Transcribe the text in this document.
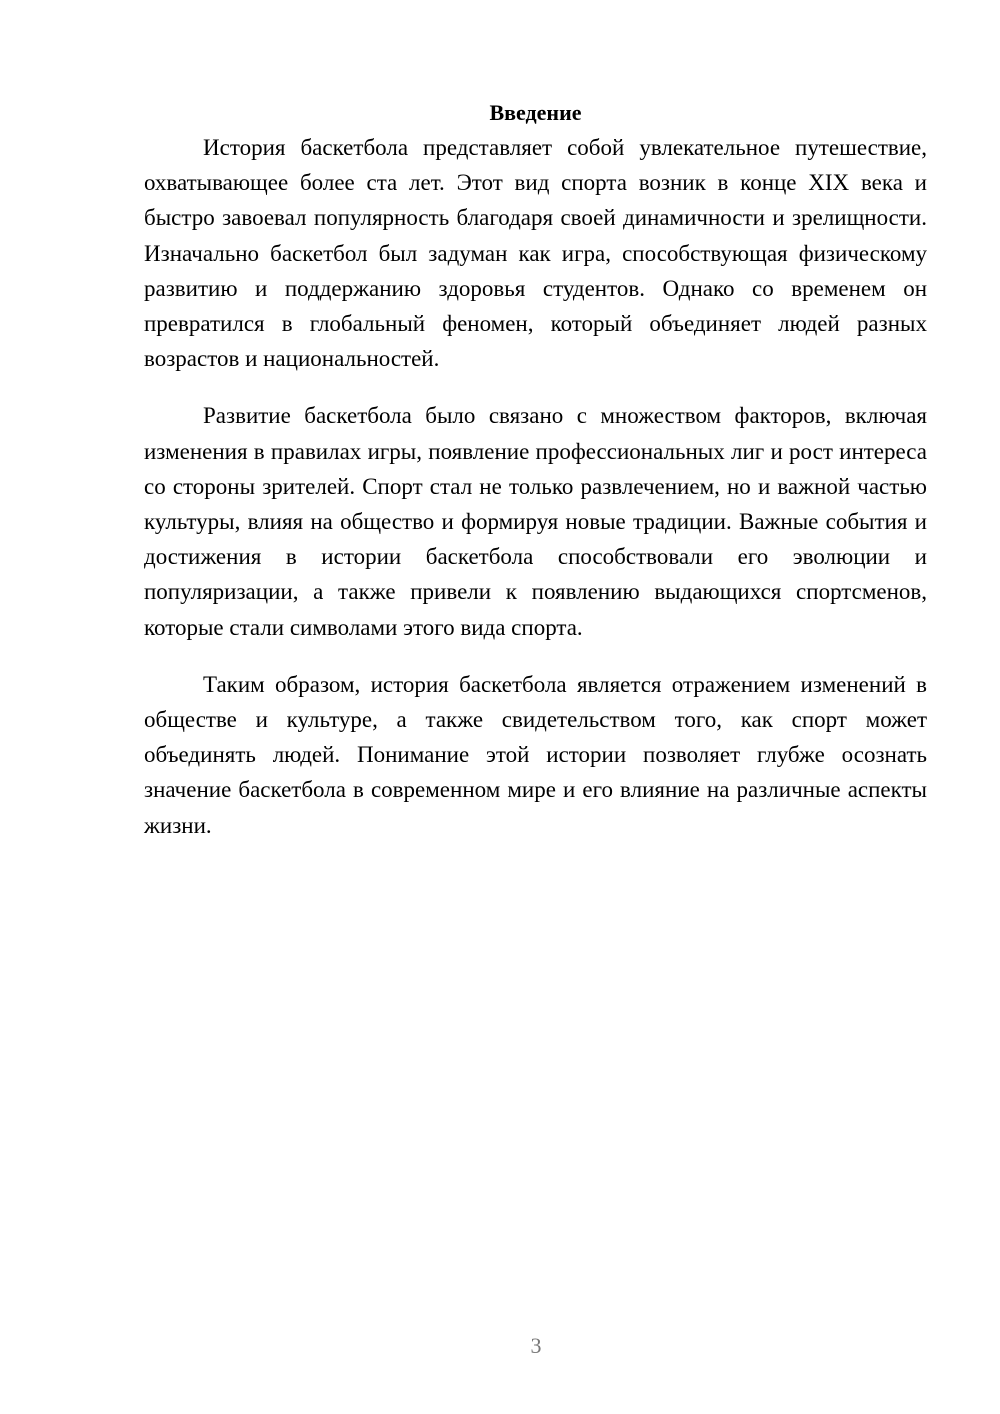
Введение

История баскетбола представляет собой увлекательное путешествие, охватывающее более ста лет. Этот вид спорта возник в конце XIX века и быстро завоевал популярность благодаря своей динамичности и зрелищности. Изначально баскетбол был задуман как игра, способствующая физическому развитию и поддержанию здоровья студентов. Однако со временем он превратился в глобальный феномен, который объединяет людей разных возрастов и национальностей.

Развитие баскетбола было связано с множеством факторов, включая изменения в правилах игры, появление профессиональных лиг и рост интереса со стороны зрителей. Спорт стал не только развлечением, но и важной частью культуры, влияя на общество и формируя новые традиции. Важные события и достижения в истории баскетбола способствовали его эволюции и популяризации, а также привели к появлению выдающихся спортсменов, которые стали символами этого вида спорта.

Таким образом, история баскетбола является отражением изменений в обществе и культуре, а также свидетельством того, как спорт может объединять людей. Понимание этой истории позволяет глубже осознать значение баскетбола в современном мире и его влияние на различные аспекты жизни.

3
